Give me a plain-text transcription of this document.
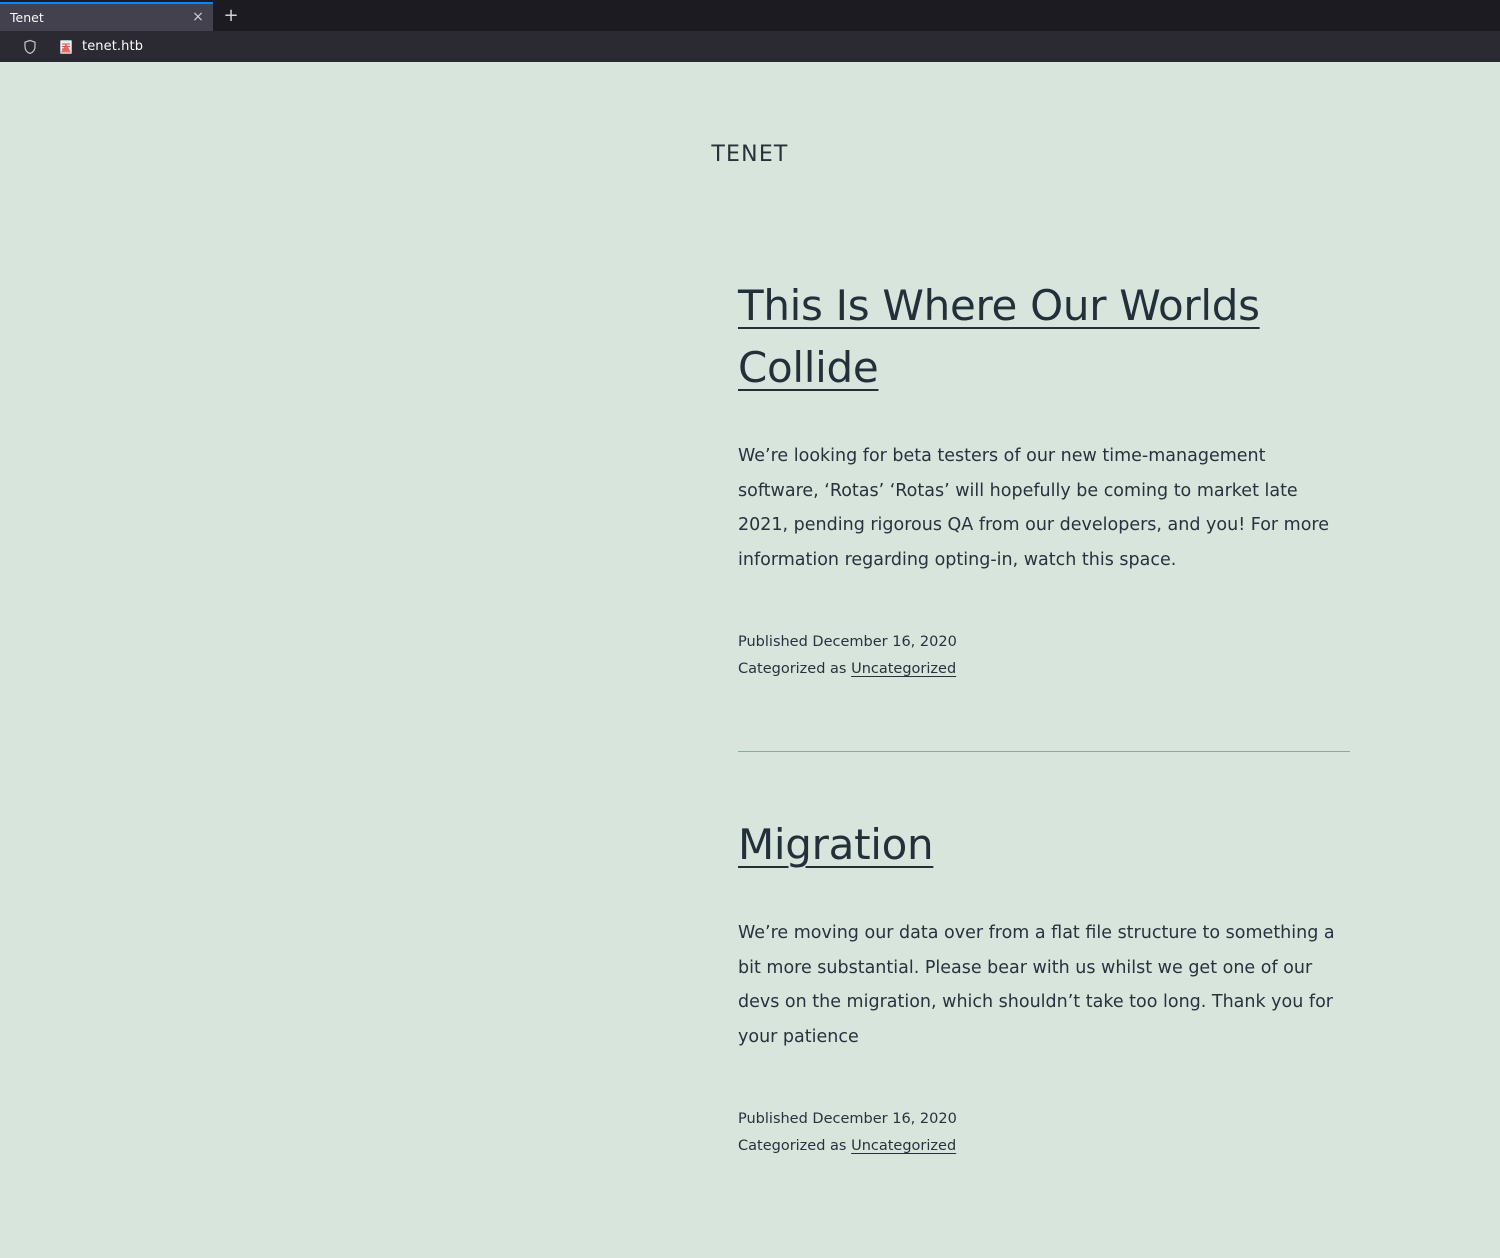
Tenet	×	+
tenet.htb
TENET
This Is Where Our Worlds Collide

We’re looking for beta testers of our new time-management software, ‘Rotas’ ‘Rotas’ will hopefully be coming to market late 2021, pending rigorous QA from our developers, and you! For more information regarding opting-in, watch this space.

Published December 16, 2020
Categorized as Uncategorized
Migration

We’re moving our data over from a flat file structure to something a bit more substantial. Please bear with us whilst we get one of our devs on the migration, which shouldn’t take too long. Thank you for your patience

Published December 16, 2020
Categorized as Uncategorized
